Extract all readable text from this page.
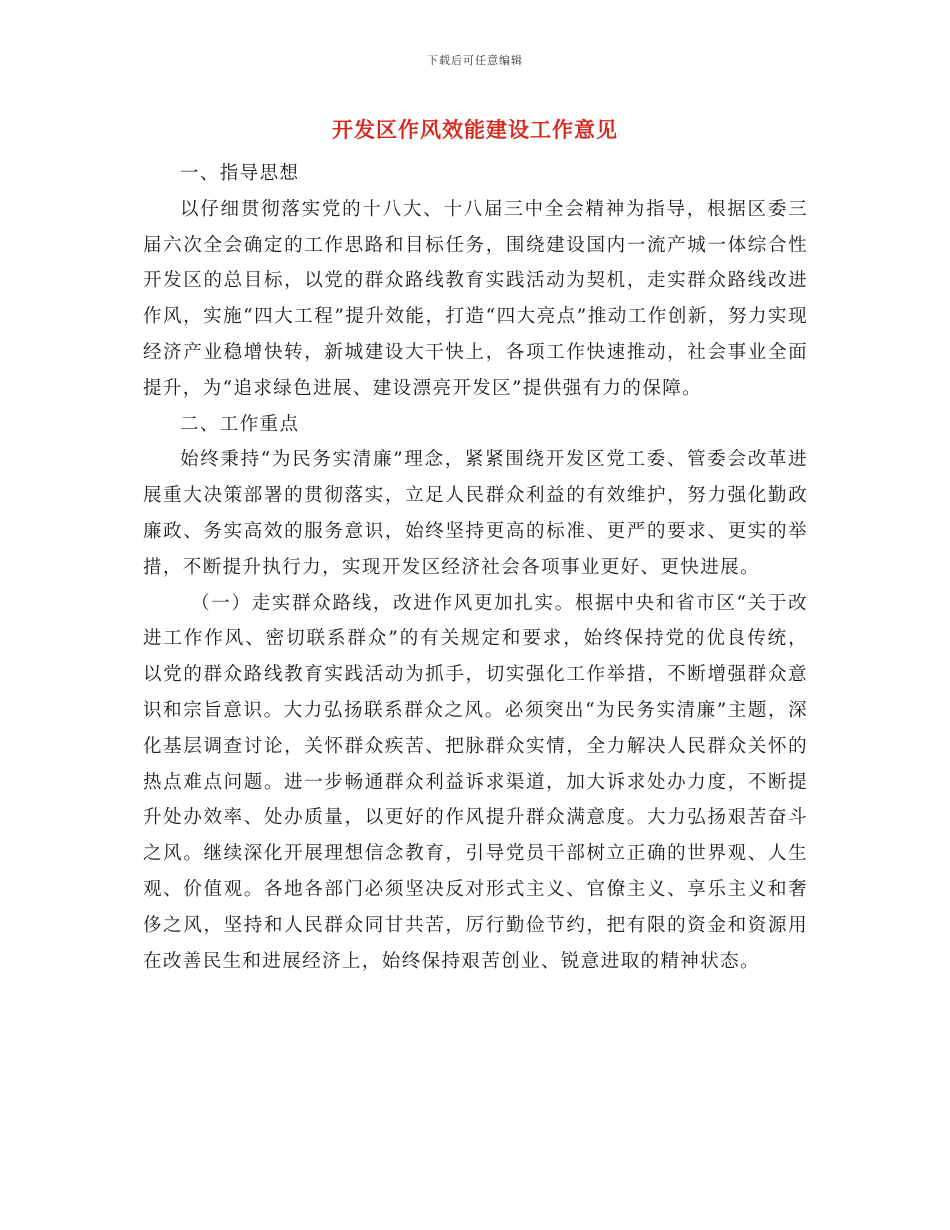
下载后可任意编辑
开发区作风效能建设工作意见

一、指导思想

以仔细贯彻落实党的十八大、十八届三中全会精神为指导，根据区委三届六次全会确定的工作思路和目标任务，围绕建设国内一流产城一体综合性开发区的总目标，以党的群众路线教育实践活动为契机，走实群众路线改进作风，实施“四大工程”提升效能，打造“四大亮点”推动工作创新，努力实现经济产业稳增快转，新城建设大干快上，各项工作快速推动，社会事业全面提升，为“追求绿色进展、建设漂亮开发区”提供强有力的保障。

二、工作重点

始终秉持“为民务实清廉”理念，紧紧围绕开发区党工委、管委会改革进展重大决策部署的贯彻落实，立足人民群众利益的有效维护，努力强化勤政廉政、务实高效的服务意识，始终坚持更高的标准、更严的要求、更实的举措，不断提升执行力，实现开发区经济社会各项事业更好、更快进展。

（一）走实群众路线，改进作风更加扎实。根据中央和省市区“关于改进工作作风、密切联系群众”的有关规定和要求，始终保持党的优良传统，以党的群众路线教育实践活动为抓手，切实强化工作举措，不断增强群众意识和宗旨意识。大力弘扬联系群众之风。必须突出“为民务实清廉”主题，深化基层调查讨论，关怀群众疾苦、把脉群众实情，全力解决人民群众关怀的热点难点问题。进一步畅通群众利益诉求渠道，加大诉求处办力度，不断提升处办效率、处办质量，以更好的作风提升群众满意度。大力弘扬艰苦奋斗之风。继续深化开展理想信念教育，引导党员干部树立正确的世界观、人生观、价值观。各地各部门必须坚决反对形式主义、官僚主义、享乐主义和奢侈之风，坚持和人民群众同甘共苦，厉行勤俭节约，把有限的资金和资源用在改善民生和进展经济上，始终保持艰苦创业、锐意进取的精神状态。
